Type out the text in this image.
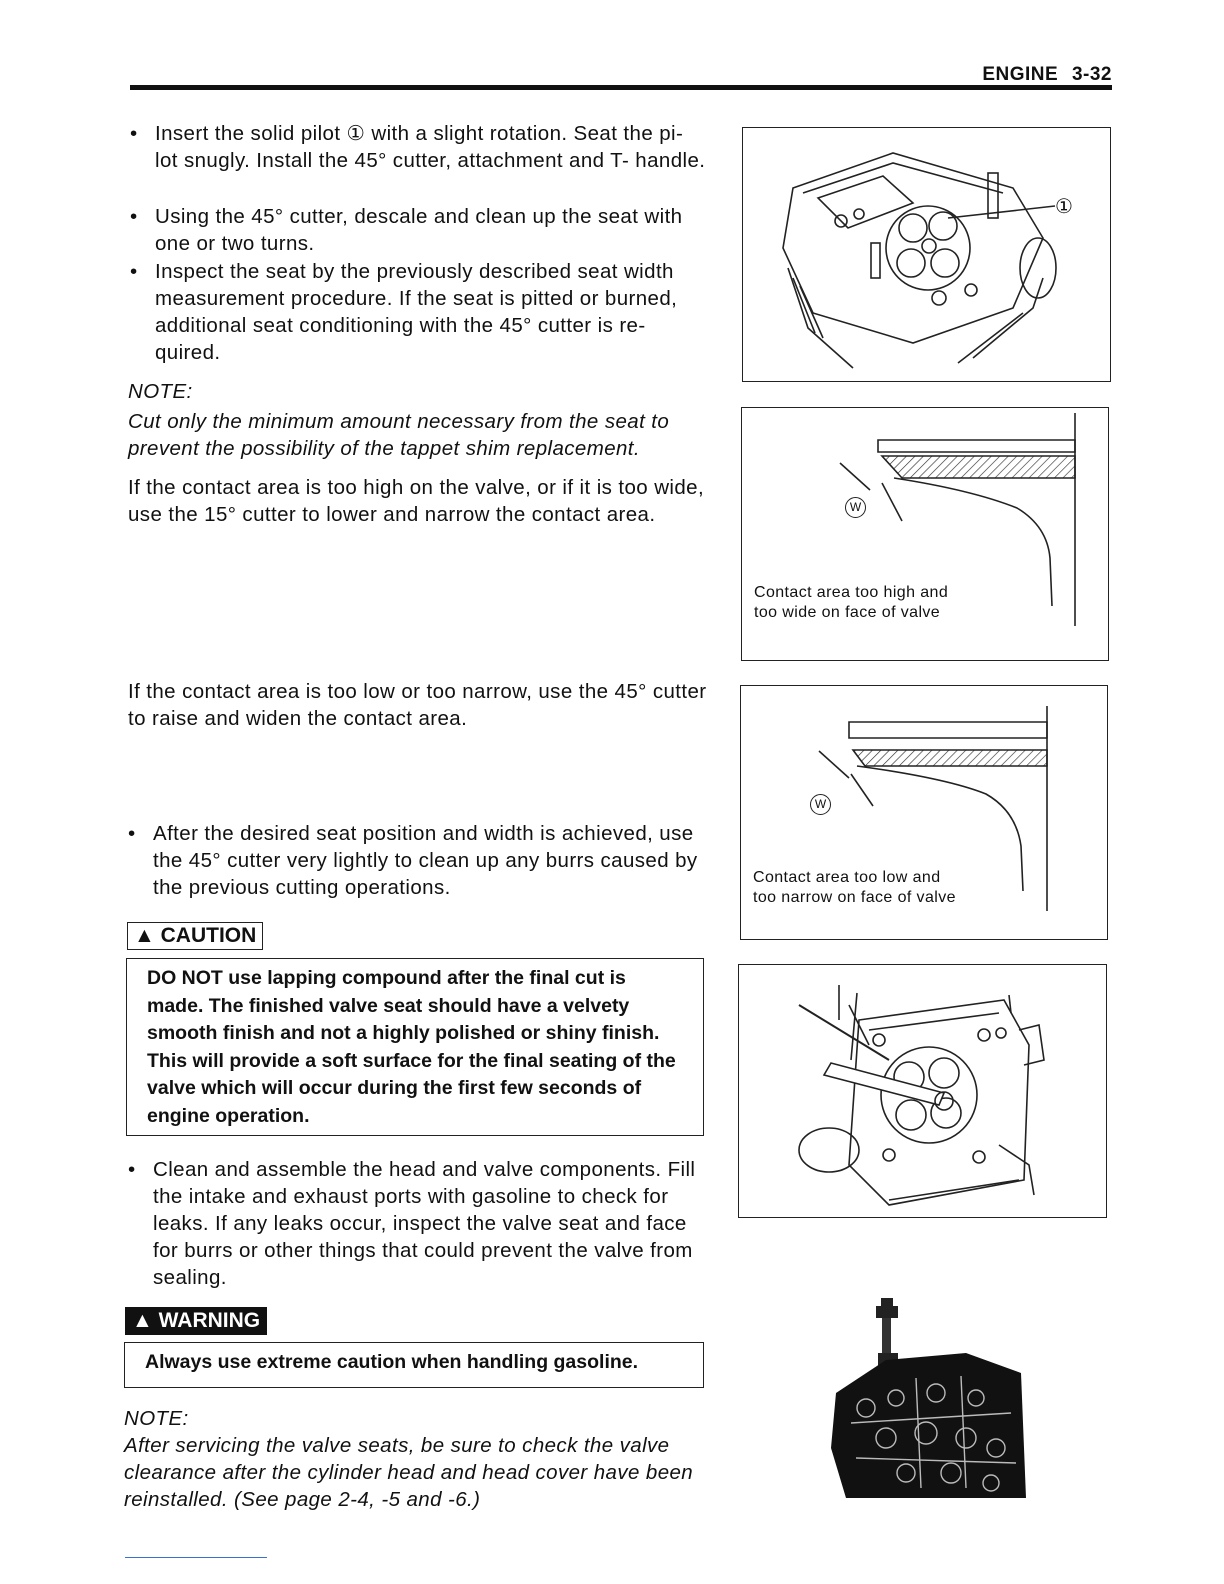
ENGINE 3-32
• Insert the solid pilot ① with a slight rotation. Seat the pi- lot snugly. Install the 45° cutter, attachment and T- handle.
• Using the 45° cutter, descale and clean up the seat with one or two turns.
• Inspect the seat by the previously described seat width measurement procedure. If the seat is pitted or burned, additional seat conditioning with the 45° cutter is re- quired.
NOTE:
Cut only the minimum amount necessary from the seat to prevent the possibility of the tappet shim replacement.
If the contact area is too high on the valve, or if it is too wide, use the 15° cutter to lower and narrow the contact area.
If the contact area is too low or too narrow, use the 45° cutter to raise and widen the contact area.
• After the desired seat position and width is achieved, use the 45° cutter very lightly to clean up any burrs caused by the previous cutting operations.
▲ CAUTION
DO NOT use lapping compound after the final cut is made. The finished valve seat should have a velvety smooth finish and not a highly polished or shiny finish. This will provide a soft surface for the final seating of the valve which will occur during the first few seconds of engine operation.
• Clean and assemble the head and valve components. Fill the intake and exhaust ports with gasoline to check for leaks. If any leaks occur, inspect the valve seat and face for burrs or other things that could prevent the valve from sealing.
▲ WARNING
Always use extreme caution when handling gasoline.
NOTE:
After servicing the valve seats, be sure to check the valve clearance after the cylinder head and head cover have been reinstalled. (See page 2-4, -5 and -6.)
①
W
Contact area too high and too wide on face of valve
W
Contact area too low and too narrow on face of valve
